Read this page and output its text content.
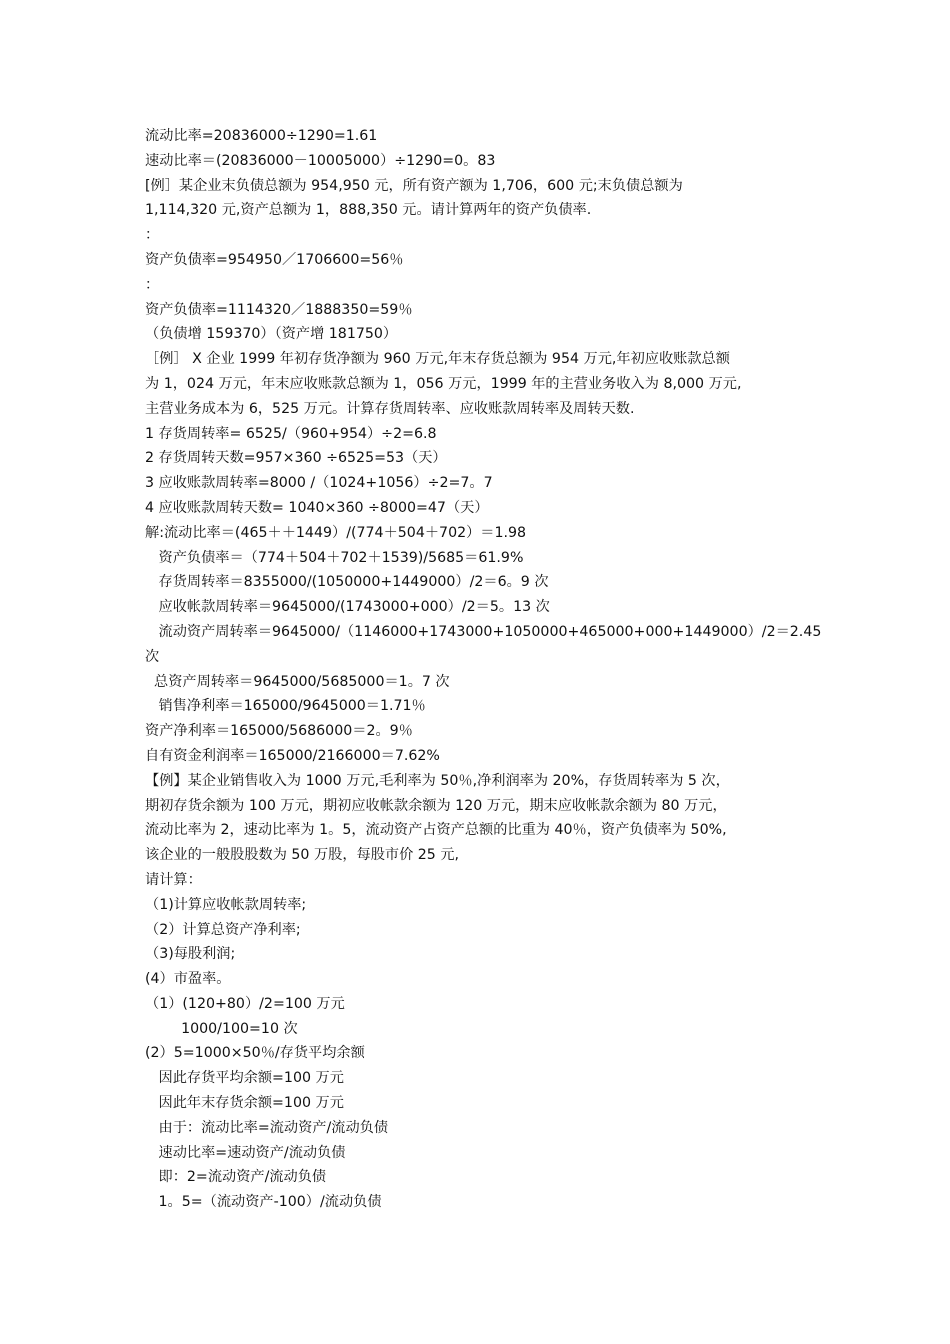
流动比率=20836000÷1290=1.61
速动比率＝(20836000－10005000）÷1290=0。83
[例］某企业末负债总额为 954,950 元，所有资产额为 1,706，600 元;末负债总额为
1,114,320 元,资产总额为 1，888,350 元。请计算两年的资产负债率.
：
资产负债率=954950／1706600=56％
：
资产负债率=1114320／1888350=59％
（负债增 159370）（资产增 181750）
［例］ X 企业 1999 年初存货净额为 960 万元,年末存货总额为 954 万元,年初应收账款总额
为 1，024 万元，年末应收账款总额为 1，056 万元，1999 年的主营业务收入为 8,000 万元,
主营业务成本为 6，525 万元。计算存货周转率、应收账款周转率及周转天数.
1 存货周转率= 6525/（960+954）÷2=6.8
2 存货周转天数=957×360 ÷6525=53（天）
3 应收账款周转率=8000 /（1024+1056）÷2=7。7
4 应收账款周转天数= 1040×360 ÷8000=47（天）
解:流动比率＝(465＋＋1449）/(774＋504＋702）＝1.98
资产负债率＝（774＋504＋702＋1539)/5685＝61.9%
存货周转率＝8355000/(1050000+1449000）/2＝6。9 次
应收帐款周转率＝9645000/(1743000+000）/2＝5。13 次
流动资产周转率＝9645000/（1146000+1743000+1050000+465000+000+1449000）/2＝2.45
次
总资产周转率＝9645000/5685000＝1。7 次
销售净利率＝165000/9645000＝1.71％
资产净利率＝165000/5686000＝2。9％
自有资金利润率＝165000/2166000＝7.62%
【例】某企业销售收入为 1000 万元,毛利率为 50％,净利润率为 20%，存货周转率为 5 次，
期初存货余额为 100 万元，期初应收帐款余额为 120 万元，期末应收帐款余额为 80 万元，
流动比率为 2，速动比率为 1。5，流动资产占资产总额的比重为 40％，资产负债率为 50%,
该企业的一般股股数为 50 万股，每股市价 25 元,
请计算：
（1)计算应收帐款周转率;
（2）计算总资产净利率;
（3)每股利润;
(4）市盈率。
（1）(120+80）/2=100 万元
1000/100=10 次
(2）5=1000×50％/存货平均余额
因此存货平均余额=100 万元
因此年末存货余额=100 万元
由于：流动比率=流动资产/流动负债
速动比率=速动资产/流动负债
即：2=流动资产/流动负债
1。5=（流动资产-100）/流动负债
